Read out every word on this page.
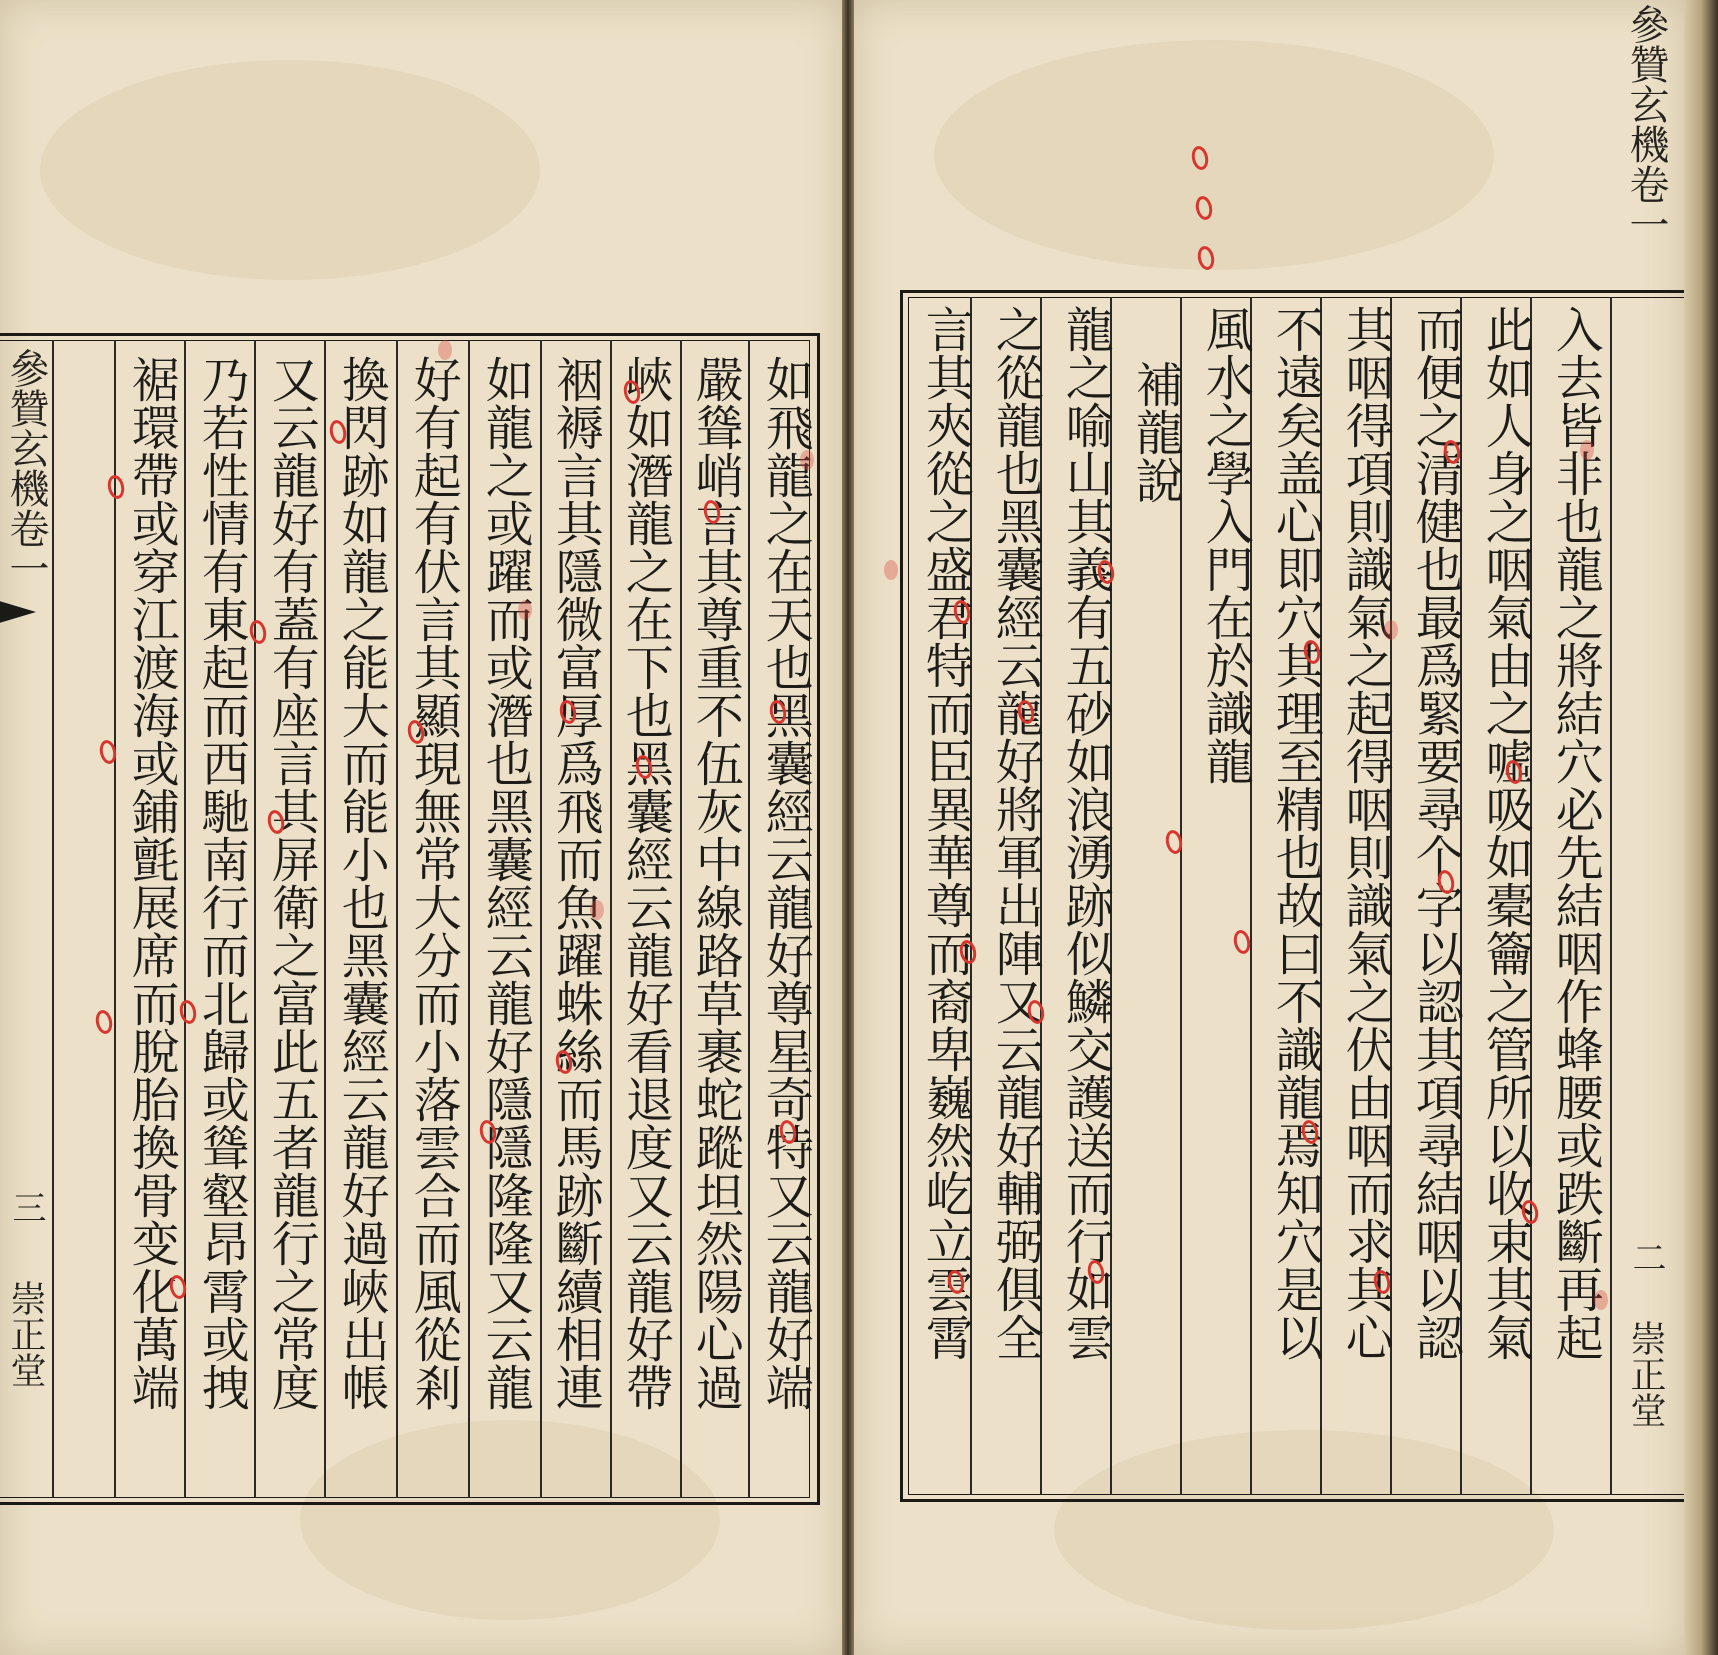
參贊玄機卷一
三
崇正堂	如飛龍之在天也黑囊經云龍好尊星奇特又云龍好端
嚴聳峭言其尊重不伍灰中線路草裹蛇蹤坦然陽心過
峽如潛龍之在下也黑囊經云龍好看退度又云龍好帶
裀褥言其隱微富厚爲飛而魚躍蛛絲而馬跡斷續相連
如龍之或躍而或潛也黑囊經云龍好隱隱隆隆又云龍
好有起有伏言其顯現無常大分而小落雲合而風從剎
換閃跡如龍之能大而能小也黑囊經云龍好過峽出帳
又云龍好有蓋有座言其屏衛之富此五者龍行之常度
乃若性情有東起而西馳南行而北歸或聳壑昂霄或拽
裾環帶或穿江渡海或鋪氈展席而脫胎換骨变化萬端
參贊玄機卷一
二
崇正堂
入去皆非也龍之將結穴必先結咽作蜂腰或跌斷再起
此如人身之咽氣由之噓吸如橐籥之管所以收束其氣
而便之清健也最爲緊要尋个字以認其項尋結咽以認
其咽得項則識氣之起得咽則識氣之伏由咽而求其心
不遠矣盖心即穴其理至精也故曰不識龍焉知穴是以
風水之學入門在於識龍
補龍說
龍之喻山其義有五砂如浪湧跡似鱗交護送而行如雲
之從龍也黑囊經云龍好將軍出陣又云龍好輔弼俱全
言其夾從之盛君特而臣異華尊而裔卑巍然屹立雲霄
